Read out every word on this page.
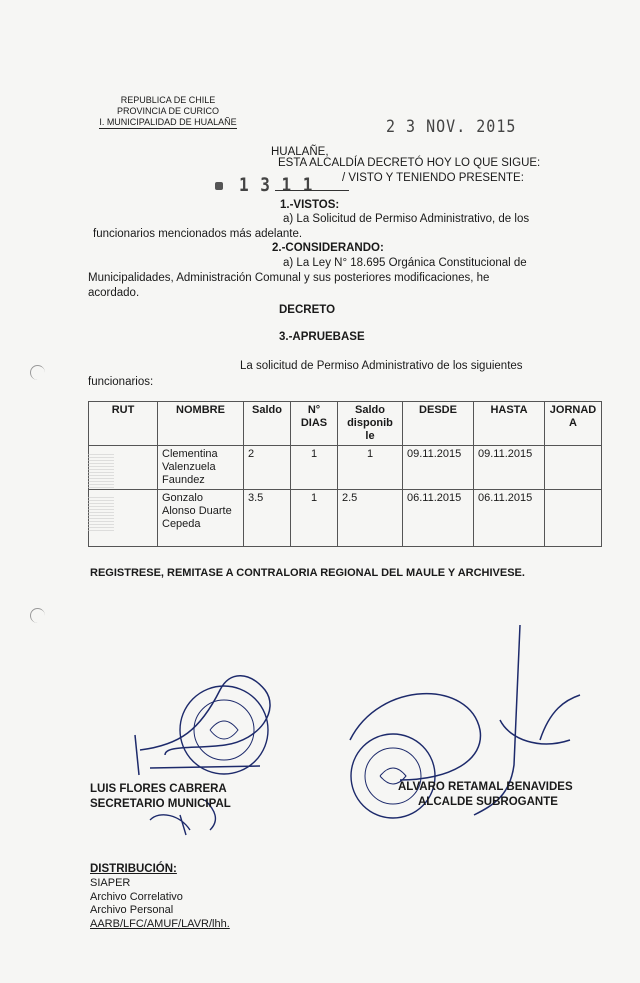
REPUBLICA DE CHILE
PROVINCIA DE CURICO
I. MUNICIPALIDAD DE HUALAÑE	2 3 NOV. 2015
HUALAÑE,
ESTA ALCALDÍA DECRETÓ HOY LO QUE SIGUE:
1 3 1 1 / VISTO Y TENIENDO PRESENTE:
1.-VISTOS:
a) La Solicitud de Permiso Administrativo, de los
funcionarios mencionados más adelante.
2.-CONSIDERANDO:
a) La Ley N° 18.695 Orgánica Constitucional de
Municipalidades, Administración Comunal y sus posteriores modificaciones, he
acordado.
DECRETO
3.-APRUEBASE
La solicitud de Permiso Administrativo de los siguientes
funcionarios:
RUT	NOMBRE	Saldo	N° DIAS	Saldo disponib le	DESDE	HASTA	JORNAD A
	Clementina Valenzuela Faundez	2	1	1	09.11.2015	09.11.2015	
	Gonzalo Alonso Duarte Cepeda	3.5	1	2.5	06.11.2015	06.11.2015	
REGISTRESE, REMITASE A CONTRALORIA REGIONAL DEL MAULE Y ARCHIVESE.
LUIS FLORES CABRERA
SECRETARIO MUNICIPAL
ALVARO RETAMAL BENAVIDES
ALCALDE SUBROGANTE
DISTRIBUCIÓN:
SIAPER
Archivo Correlativo
Archivo Personal
AARB/LFC/AMUF/LAVR/lhh.
